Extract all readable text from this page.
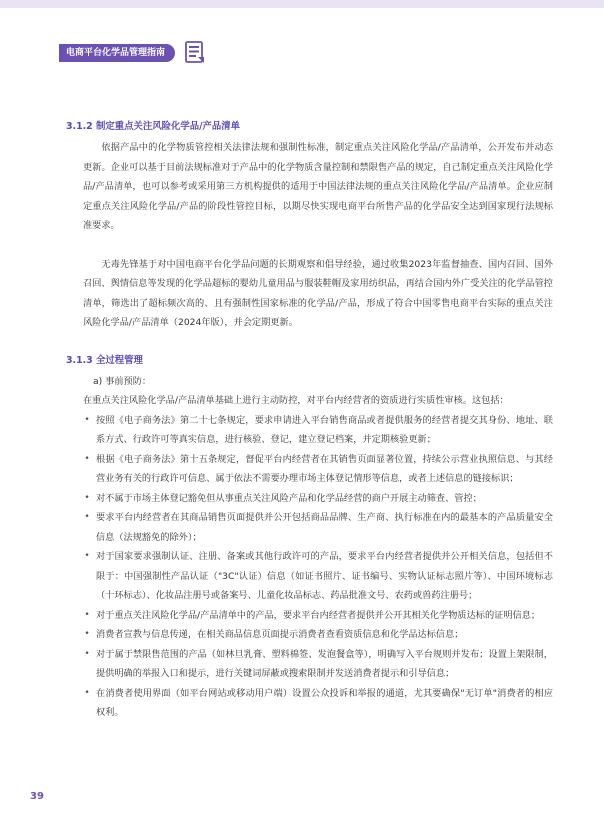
电商平台化学品管理指南
3.1.2 制定重点关注风险化学品/产品清单

依据产品中的化学物质管控相关法律法规和强制性标准，制定重点关注风险化学品/产品清单，公开发布并动态更新。企业可以基于目前法规标准对于产品中的化学物质含量控制和禁限售产品的规定，自己制定重点关注风险化学品/产品清单，也可以参考或采用第三方机构提供的适用于中国法律法规的重点关注风险化学品/产品清单。企业应制定重点关注风险化学品/产品的阶段性管控目标，以期尽快实现电商平台所售产品的化学品安全达到国家现行法规标准要求。

无毒先锋基于对中国电商平台化学品问题的长期观察和倡导经验，通过收集2023年监督抽查、国内召回、国外召回、舆情信息等发现的化学品超标的婴幼儿童用品与服装鞋帽及家用纺织品，再结合国内外广受关注的化学品管控清单，筛选出了超标频次高的、且有强制性国家标准的化学品/产品，形成了符合中国零售电商平台实际的重点关注风险化学品/产品清单（2024年版），并会定期更新。

3.1.3 全过程管理

a) 事前预防：

在重点关注风险化学品/产品清单基础上进行主动防控，对平台内经营者的资质进行实质性审核。这包括：

• 按照《电子商务法》第二十七条规定，要求申请进入平台销售商品或者提供服务的经营者提交其身份、地址、联系方式、行政许可等真实信息，进行核验、登记，建立登记档案，并定期核验更新；
• 根据《电子商务法》第十五条规定，督促平台内经营者在其销售页面显著位置，持续公示营业执照信息、与其经营业务有关的行政许可信息、属于依法不需要办理市场主体登记情形等信息，或者上述信息的链接标识；
• 对不属于市场主体登记豁免但从事重点关注风险产品和化学品经营的商户开展主动筛查、管控；
• 要求平台内经营者在其商品销售页面提供并公开包括商品品牌、生产商、执行标准在内的最基本的产品质量安全信息（法规豁免的除外）；
• 对于国家要求强制认证、注册、备案或其他行政许可的产品，要求平台内经营者提供并公开相关信息，包括但不限于：中国强制性产品认证（"3C"认证）信息（如证书照片、证书编号、实物认证标志照片等）、中国环境标志（十环标志）、化妆品注册号或备案号、儿童化妆品标志、药品批准文号、农药或兽药注册号；
• 对于重点关注风险化学品/产品清单中的产品，要求平台内经营者提供并公开其相关化学物质达标的证明信息；
• 消费者宣教与信息传递，在相关商品信息页面提示消费者查看资质信息和化学品达标信息；
• 对于属于禁限售范围的产品（如林旦乳膏、塑料棉签、发泡餐盒等），明确写入平台规则并发布；设置上架限制，提供明确的举报入口和提示，进行关键词屏蔽或搜索限制并发送消费者提示和引导信息；
• 在消费者使用界面（如平台网站或移动用户端）设置公众投诉和举报的通道，尤其要确保"无订单"消费者的相应权利。
39
